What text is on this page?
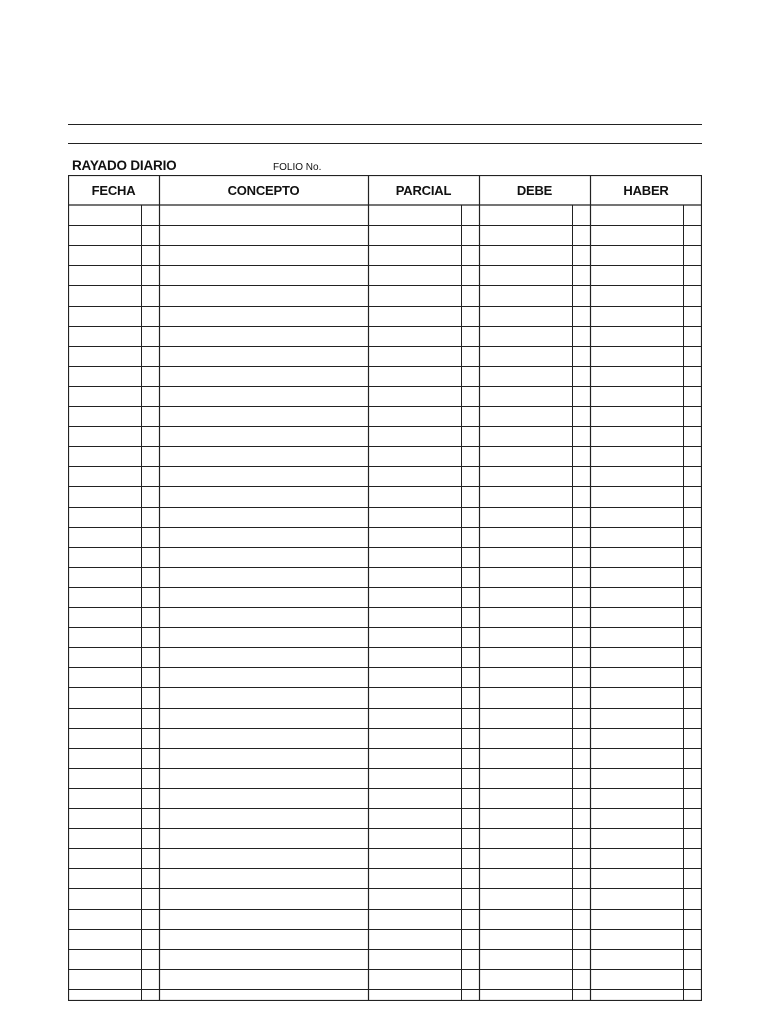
RAYADO DIARIO	FOLIO No.
FECHA	CONCEPTO	PARCIAL	DEBE	HABER
